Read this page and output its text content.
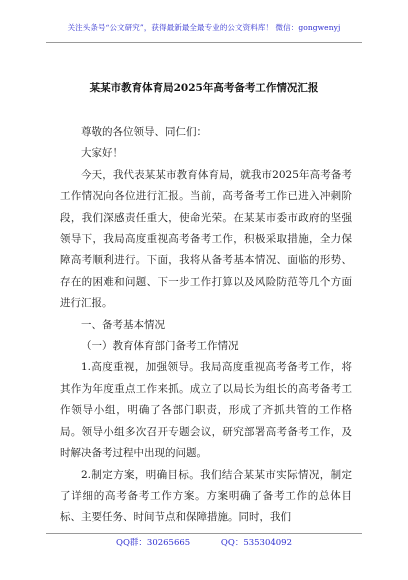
关注头条号“公文研究”，获得最新最全最专业的公文资料库！ 微信：gongwenyj
某某市教育体育局2025年高考备考工作情况汇报

尊敬的各位领导、同仁们：

大家好！

今天，我代表某某市教育体育局，就我市2025年高考备考工作情况向各位进行汇报。当前，高考备考工作已进入冲刺阶段，我们深感责任重大，使命光荣。在某某市委市政府的坚强领导下，我局高度重视高考备考工作，积极采取措施，全力保障高考顺利进行。下面，我将从备考基本情况、面临的形势、存在的困难和问题、下一步工作打算以及风险防范等几个方面进行汇报。

一、备考基本情况

（一）教育体育部门备考工作情况

1.高度重视，加强领导。我局高度重视高考备考工作，将其作为年度重点工作来抓。成立了以局长为组长的高考备考工作领导小组，明确了各部门职责，形成了齐抓共管的工作格局。领导小组多次召开专题会议，研究部署高考备考工作，及时解决备考过程中出现的问题。

2.制定方案，明确目标。我们结合某某市实际情况，制定了详细的高考备考工作方案。方案明确了备考工作的总体目标、主要任务、时间节点和保障措施。同时，我们

QQ群：30265665	QQ：535304092
